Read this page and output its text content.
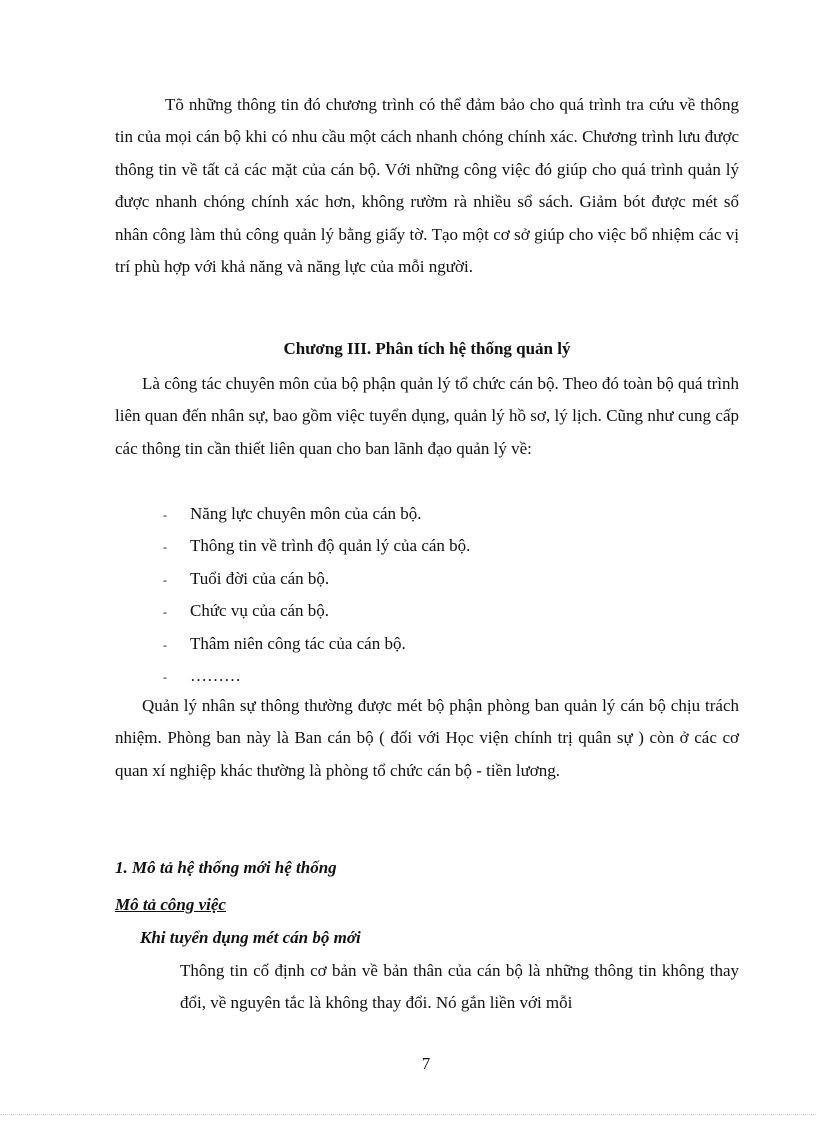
Tõ những thông tin đó chương trình có thể đảm bảo cho quá trình tra cứu về thông tin của mọi cán bộ khi có nhu cầu một cách nhanh chóng chính xác. Chương trình lưu được thông tin về tất cả các mặt của cán bộ. Với những công việc đó giúp cho quá trình quản lý được nhanh chóng chính xác hơn, không rườm rà nhiều sổ sách. Giảm bót được mét số nhân công làm thủ công quản lý bằng giấy tờ. Tạo một cơ sở giúp cho việc bổ nhiệm các vị trí phù hợp với khả năng và năng lực của mỗi người.

Chương III. Phân tích hệ thống quản lý

Là công tác chuyên môn của bộ phận quản lý tổ chức cán bộ. Theo đó toàn bộ quá trình liên quan đến nhân sự, bao gồm việc tuyển dụng, quản lý hồ sơ, lý lịch. Cũng như cung cấp các thông tin cần thiết liên quan cho ban lãnh đạo quản lý về:

-	Năng lực chuyên môn của cán bộ.
-	Thông tin về trình độ quản lý của cán bộ.
-	Tuổi đời của cán bộ.
-	Chức vụ của cán bộ.
-	Thâm niên công tác của cán bộ.
-	………

Quản lý nhân sự thông thường được mét bộ phận phòng ban quản lý cán bộ chịu trách nhiệm. Phòng ban này là Ban cán bộ ( đối với Học viện chính trị quân sự ) còn ở các cơ quan xí nghiệp khác thường là phòng tổ chức cán bộ - tiền lương.

1. Mô tả hệ thống mới hệ thống

Mô tả công việc

Khi tuyển dụng mét cán bộ mới

Thông tin cố định cơ bản về bản thân của cán bộ là những thông tin không thay đổi, về nguyên tắc là không thay đổi. Nó gắn liền với mỗi

7
